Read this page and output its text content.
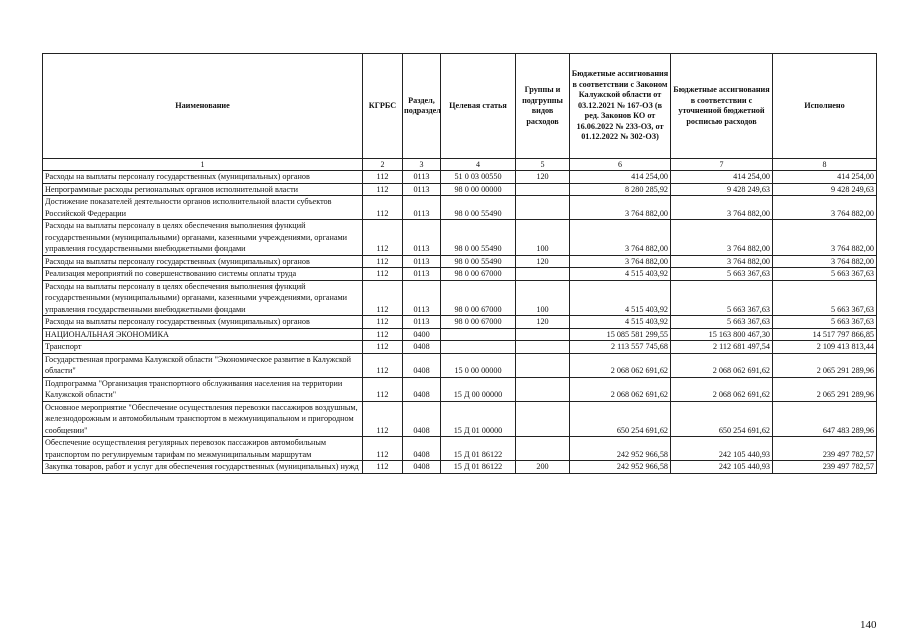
Наименование	КГРБС	Раздел, подраздел	Целевая статья	Группы и подгруппы видов расходов	Бюджетные ассигнования в соответствии с Законом Калужской области от 03.12.2021 № 167-ОЗ (в ред. Законов КО от 16.06.2022 № 233-ОЗ, от 01.12.2022 № 302-ОЗ)	Бюджетные ассигнования в соответствии с уточненной бюджетной росписью расходов	Исполнено
1	2	3	4	5	6	7	8
Расходы на выплаты персоналу государственных (муниципальных) органов	112	0113	51 0 03 00550	120	414 254,00	414 254,00	414 254,00
Непрограммные расходы региональных органов исполнительной власти	112	0113	98 0 00 00000		8 280 285,92	9 428 249,63	9 428 249,63
Достижение показателей деятельности органов исполнительной власти субъектов Российской Федерации	112	0113	98 0 00 55490		3 764 882,00	3 764 882,00	3 764 882,00
Расходы на выплаты персоналу в целях обеспечения выполнения функций государственными (муниципальными) органами, казенными учреждениями, органами управления государственными внебюджетными фондами	112	0113	98 0 00 55490	100	3 764 882,00	3 764 882,00	3 764 882,00
Расходы на выплаты персоналу государственных (муниципальных) органов	112	0113	98 0 00 55490	120	3 764 882,00	3 764 882,00	3 764 882,00
Реализация мероприятий по совершенствованию системы оплаты труда	112	0113	98 0 00 67000		4 515 403,92	5 663 367,63	5 663 367,63
Расходы на выплаты персоналу в целях обеспечения выполнения функций государственными (муниципальными) органами, казенными учреждениями, органами управления государственными внебюджетными фондами	112	0113	98 0 00 67000	100	4 515 403,92	5 663 367,63	5 663 367,63
Расходы на выплаты персоналу государственных (муниципальных) органов	112	0113	98 0 00 67000	120	4 515 403,92	5 663 367,63	5 663 367,63
НАЦИОНАЛЬНАЯ ЭКОНОМИКА	112	0400			15 085 581 299,55	15 163 800 467,30	14 517 797 866,85
Транспорт	112	0408			2 113 557 745,68	2 112 681 497,54	2 109 413 813,44
Государственная программа Калужской области "Экономическое развитие в Калужской области"	112	0408	15 0 00 00000		2 068 062 691,62	2 068 062 691,62	2 065 291 289,96
Подпрограмма "Организация транспортного обслуживания населения на территории Калужской области"	112	0408	15 Д 00 00000		2 068 062 691,62	2 068 062 691,62	2 065 291 289,96
Основное мероприятие "Обеспечение осуществления перевозки пассажиров воздушным, железнодорожным и автомобильным транспортом в межмуниципальном и пригородном сообщении"	112	0408	15 Д 01 00000		650 254 691,62	650 254 691,62	647 483 289,96
Обеспечение осуществления регулярных перевозок пассажиров автомобильным транспортом по регулируемым тарифам по межмуниципальным маршрутам	112	0408	15 Д 01 86122		242 952 966,58	242 105 440,93	239 497 782,57
Закупка товаров, работ и услуг для обеспечения государственных (муниципальных) нужд	112	0408	15 Д 01 86122	200	242 952 966,58	242 105 440,93	239 497 782,57
140
